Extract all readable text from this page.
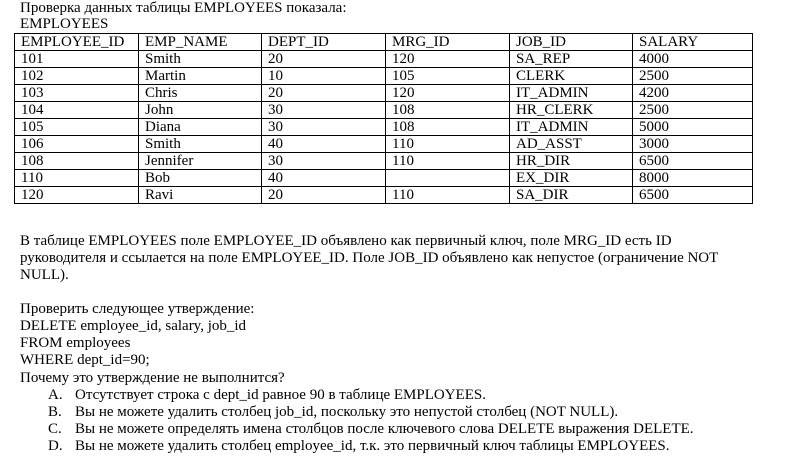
Проверка данных таблицы EMPLOYEES показала:
EMPLOYEES
EMPLOYEE_ID	EMP_NAME	DEPT_ID	MRG_ID	JOB_ID	SALARY
101	Smith	20	120	SA_REP	4000
102	Martin	10	105	CLERK	2500
103	Chris	20	120	IT_ADMIN	4200
104	John	30	108	HR_CLERK	2500
105	Diana	30	108	IT_ADMIN	5000
106	Smith	40	110	AD_ASST	3000
108	Jennifer	30	110	HR_DIR	6500
110	Bob	40		EX_DIR	8000
120	Ravi	20	110	SA_DIR	6500
В таблице EMPLOYEES поле EMPLOYEE_ID объявлено как первичный ключ, поле MRG_ID есть ID руководителя и ссылается на поле EMPLOYEE_ID. Поле JOB_ID объявлено как непустое (ограничение NOT NULL).
Проверить следующее утверждение:
DELETE employee_id, salary, job_id
FROM employees
WHERE dept_id=90;
Почему это утверждение не выполнится?
A. Отсутствует строка с dept_id равное 90 в таблице EMPLOYEES.
B. Вы не можете удалить столбец job_id, поскольку это непустой столбец (NOT NULL).
C. Вы не можете определять имена столбцов после ключевого слова DELETE выражения DELETE.
D. Вы не можете удалить столбец employee_id, т.к. это первичный ключ таблицы EMPLOYEES.
